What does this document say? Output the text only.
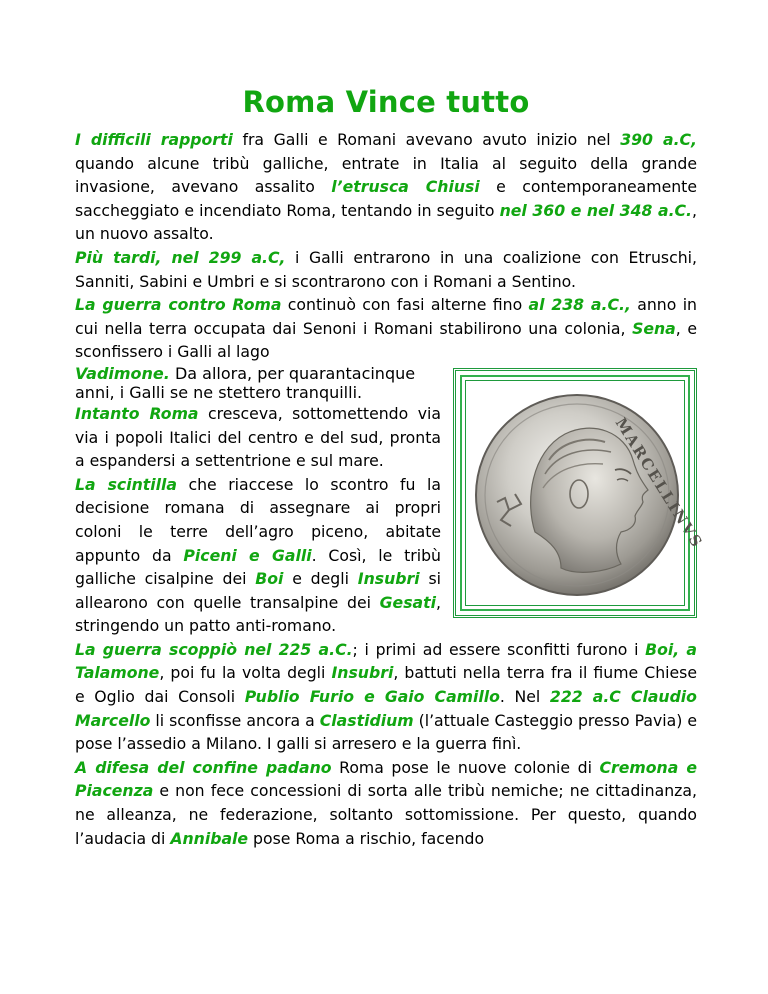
Roma Vince tutto

I difficili rapporti fra Galli e Romani avevano avuto inizio nel 390 a.C, quando alcune tribù galliche, entrate in Italia al seguito della grande invasione, avevano assalito l’etrusca Chiusi e contemporaneamente saccheggiato e incendiato Roma, tentando in seguito nel 360 e nel 348 a.C., un nuovo assalto.

Più tardi, nel 299 a.C, i Galli entrarono in una coalizione con Etruschi, Sanniti, Sabini e Umbri e si scontrarono con i Romani a Sentino.

La guerra contro Roma continuò con fasi alterne fino al 238 a.C., anno in cui nella terra occupata dai Senoni i Romani stabilirono una colonia, Sena, e sconfissero i Galli al lago

MARCELLINVS
Vadimone. Da allora, per quarantacinque anni, i Galli se ne stettero tranquilli.

Intanto Roma cresceva, sottomettendo via via i popoli Italici del centro e del sud, pronta a espandersi a settentrione e sul mare.

La scintilla che riaccese lo scontro fu la decisione romana di assegnare ai propri coloni le terre dell’agro piceno, abitate appunto da Piceni e Galli. Così, le tribù galliche cisalpine dei Boi e degli Insubri si allearono con quelle transalpine dei Gesati, stringendo un patto anti-romano.

La guerra scoppiò nel 225 a.C.; i primi ad essere sconfitti furono i Boi, a Talamone, poi fu la volta degli Insubri, battuti nella terra fra il fiume Chiese e Oglio dai Consoli Publio Furio e Gaio Camillo. Nel 222 a.C Claudio Marcello li sconfisse ancora a Clastidium (l’attuale Casteggio presso Pavia) e pose l’assedio a Milano. I galli si arresero e la guerra finì.

A difesa del confine padano Roma pose le nuove colonie di Cremona e Piacenza e non fece concessioni di sorta alle tribù nemiche; ne cittadinanza, ne alleanza, ne federazione, soltanto sottomissione. Per questo, quando l’audacia di Annibale pose Roma a rischio, facendo
